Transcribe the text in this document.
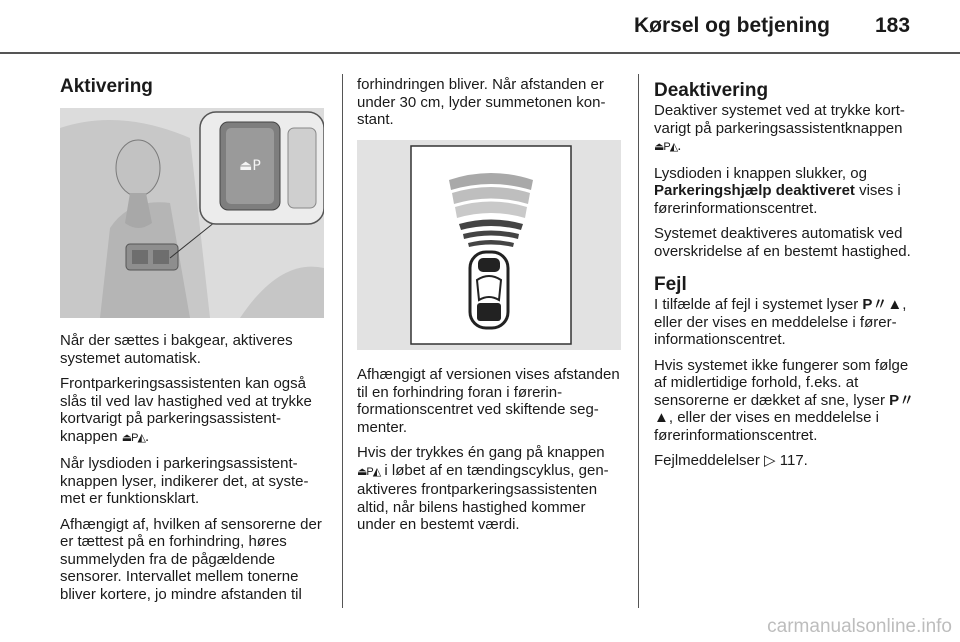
Kørsel og betjening 183
Aktivering
⏏P

Når der sættes i bakgear, aktiveres systemet automatisk.

Frontparkeringsassistenten kan også slås til ved lav hastighed ved at trykke kortvarigt på parkeringsassistentknappen ⏏P◭.

Når lysdioden i parkeringsassistentknappen lyser, indikerer det, at systemet er funktionsklart.

Afhængigt af, hvilken af sensorerne der er tættest på en forhindring, høres summelyden fra de pågældende sensorer. Intervallet mellem tonerne bliver kortere, jo mindre afstanden til

forhindringen bliver. Når afstanden er under 30 cm, lyder summetonen konstant.

Afhængigt af versionen vises afstanden til en forhindring foran i førerinformationscentret ved skiftende segmenter.

Hvis der trykkes én gang på knappen ⏏P◭ i løbet af en tændingscyklus, genaktiveres frontparkeringsassistenten altid, når bilens hastighed kommer under en bestemt værdi.

Deaktivering

Deaktiver systemet ved at trykke kortvarigt på parkeringsassistentknappen ⏏P◭.

Lysdioden i knappen slukker, og Parkeringshjælp deaktiveret vises i førerinformationscentret.

Systemet deaktiveres automatisk ved overskridelse af en bestemt hastighed.

Fejl

I tilfælde af fejl i systemet lyser P〃▲, eller der vises en meddelelse i førerinformationscentret.

Hvis systemet ikke fungerer som følge af midlertidige forhold, f.eks. at sensorerne er dækket af sne, lyser P〃▲, eller der vises en meddelelse i førerinformationscentret.

Fejlmeddelelser ▷ 117.

carmanualsonline.info
